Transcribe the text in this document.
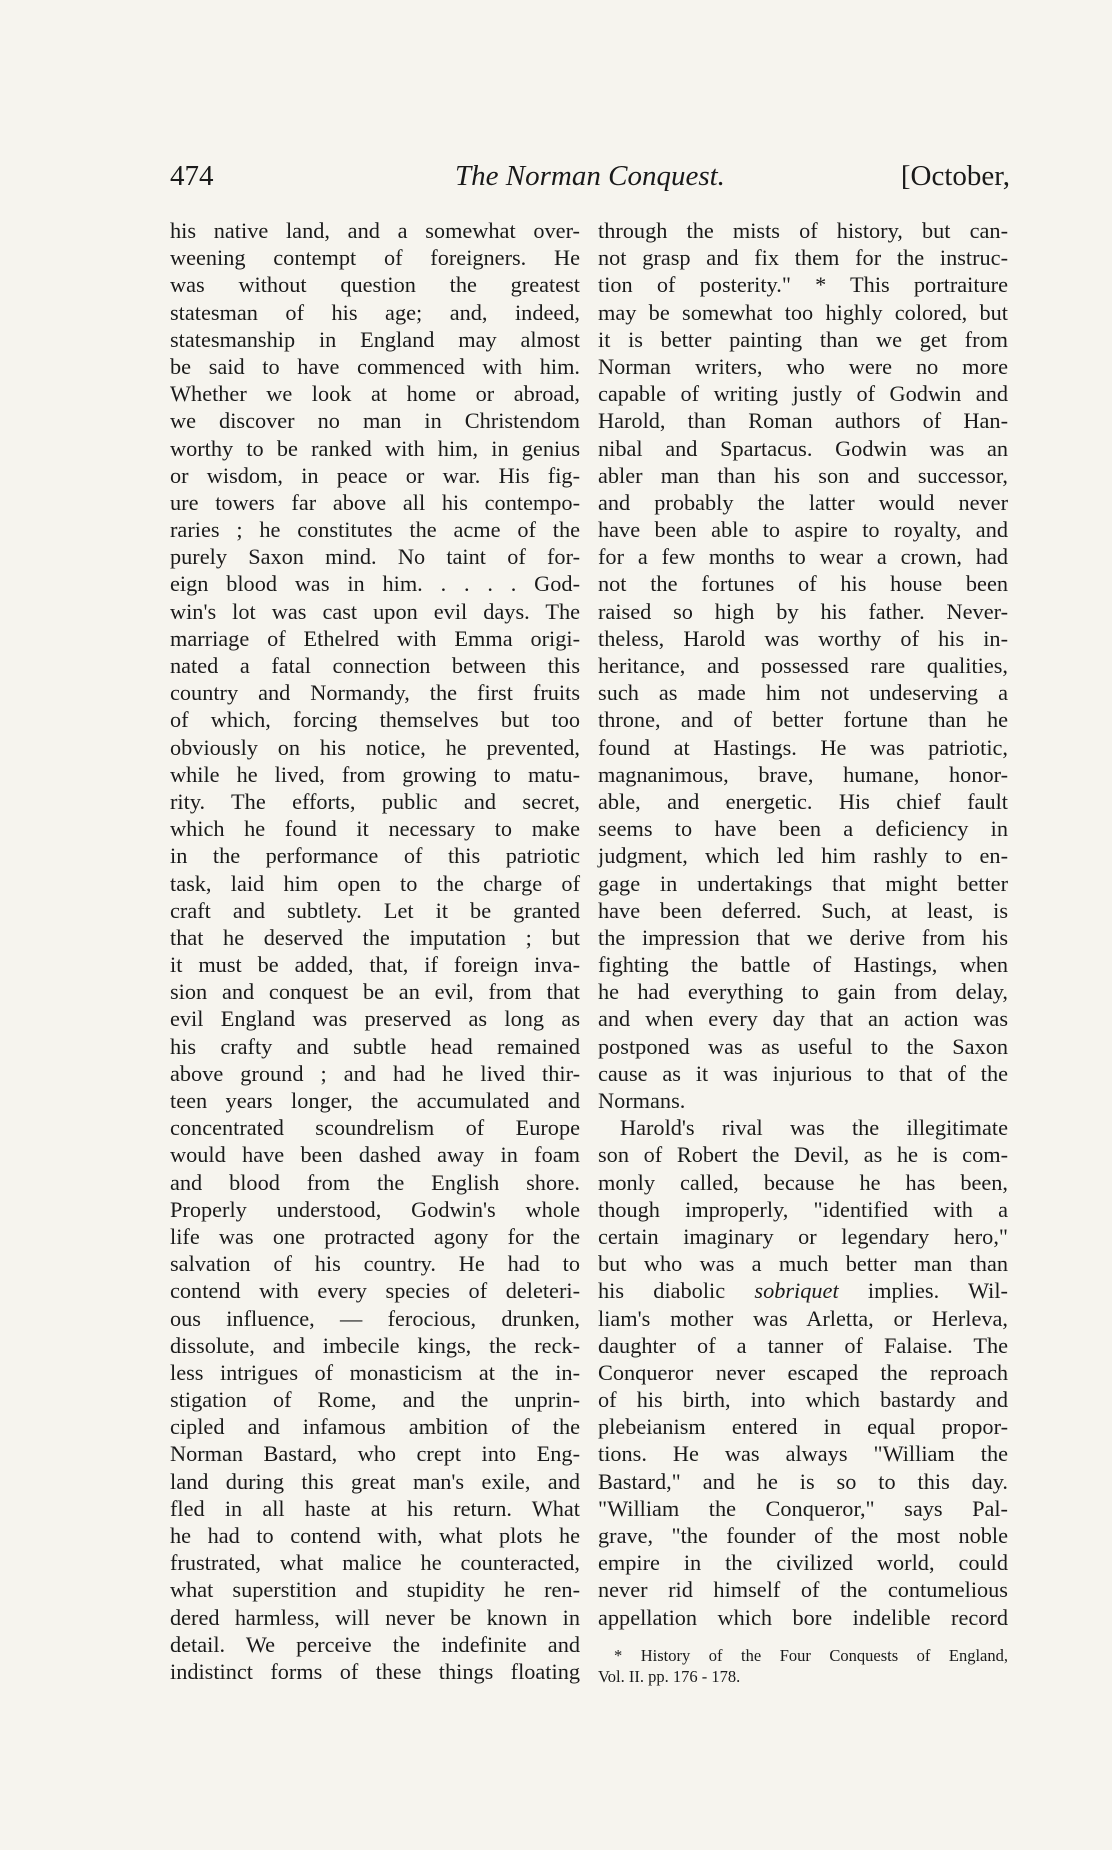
474	The Norman Conquest.	[October,
his native land, and a somewhat over-
weening contempt of foreigners. He
was without question the greatest
statesman of his age; and, indeed,
statesmanship in England may almost
be said to have commenced with him.
Whether we look at home or abroad,
we discover no man in Christendom
worthy to be ranked with him, in genius
or wisdom, in peace or war. His fig-
ure towers far above all his contempo-
raries ; he constitutes the acme of the
purely Saxon mind. No taint of for-
eign blood was in him. . . . . God-
win's lot was cast upon evil days. The
marriage of Ethelred with Emma origi-
nated a fatal connection between this
country and Normandy, the first fruits
of which, forcing themselves but too
obviously on his notice, he prevented,
while he lived, from growing to matu-
rity. The efforts, public and secret,
which he found it necessary to make
in the performance of this patriotic
task, laid him open to the charge of
craft and subtlety. Let it be granted
that he deserved the imputation ; but
it must be added, that, if foreign inva-
sion and conquest be an evil, from that
evil England was preserved as long as
his crafty and subtle head remained
above ground ; and had he lived thir-
teen years longer, the accumulated and
concentrated scoundrelism of Europe
would have been dashed away in foam
and blood from the English shore.
Properly understood, Godwin's whole
life was one protracted agony for the
salvation of his country. He had to
contend with every species of deleteri-
ous influence, — ferocious, drunken,
dissolute, and imbecile kings, the reck-
less intrigues of monasticism at the in-
stigation of Rome, and the unprin-
cipled and infamous ambition of the
Norman Bastard, who crept into Eng-
land during this great man's exile, and
fled in all haste at his return. What
he had to contend with, what plots he
frustrated, what malice he counteracted,
what superstition and stupidity he ren-
dered harmless, will never be known in
detail. We perceive the indefinite and
indistinct forms of these things floating
through the mists of history, but can-
not grasp and fix them for the instruc-
tion of posterity." * This portraiture
may be somewhat too highly colored, but
it is better painting than we get from
Norman writers, who were no more
capable of writing justly of Godwin and
Harold, than Roman authors of Han-
nibal and Spartacus. Godwin was an
abler man than his son and successor,
and probably the latter would never
have been able to aspire to royalty, and
for a few months to wear a crown, had
not the fortunes of his house been
raised so high by his father. Never-
theless, Harold was worthy of his in-
heritance, and possessed rare qualities,
such as made him not undeserving a
throne, and of better fortune than he
found at Hastings. He was patriotic,
magnanimous, brave, humane, honor-
able, and energetic. His chief fault
seems to have been a deficiency in
judgment, which led him rashly to en-
gage in undertakings that might better
have been deferred. Such, at least, is
the impression that we derive from his
fighting the battle of Hastings, when
he had everything to gain from delay,
and when every day that an action was
postponed was as useful to the Saxon
cause as it was injurious to that of the
Normans.
Harold's rival was the illegitimate
son of Robert the Devil, as he is com-
monly called, because he has been,
though improperly, "identified with a
certain imaginary or legendary hero,"
but who was a much better man than
his diabolic sobriquet implies. Wil-
liam's mother was Arletta, or Herleva,
daughter of a tanner of Falaise. The
Conqueror never escaped the reproach
of his birth, into which bastardy and
plebeianism entered in equal propor-
tions. He was always "William the
Bastard," and he is so to this day.
"William the Conqueror," says Pal-
grave, "the founder of the most noble
empire in the civilized world, could
never rid himself of the contumelious
appellation which bore indelible record
* History of the Four Conquests of England,
Vol. II. pp. 176 - 178.
